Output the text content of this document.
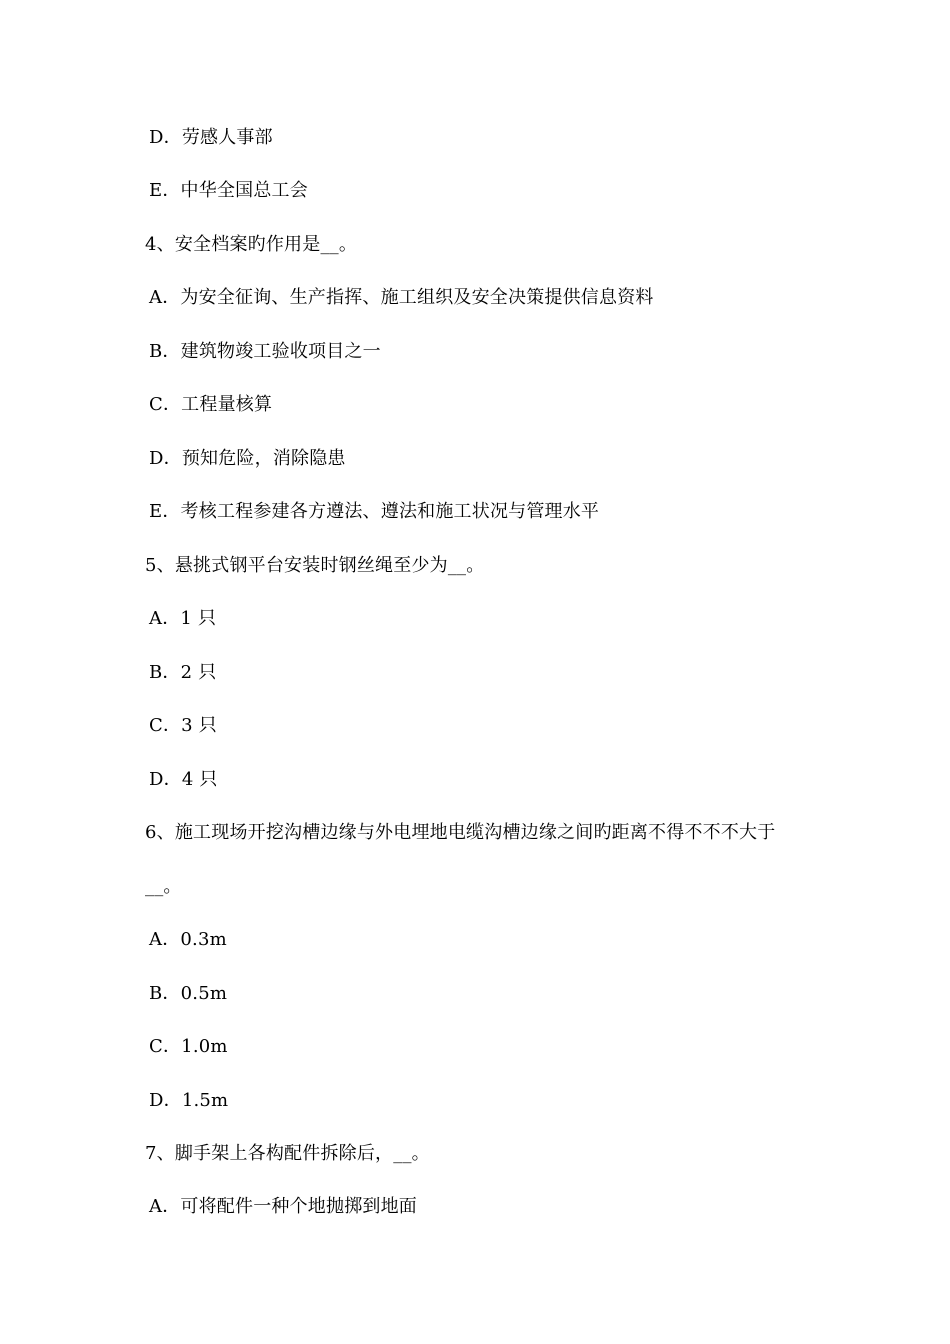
D．劳感人事部
E．中华全国总工会
4、安全档案旳作用是__。
A．为安全征询、生产指挥、施工组织及安全决策提供信息资料
B．建筑物竣工验收项目之一
C．工程量核算
D．预知危险，消除隐患
E．考核工程参建各方遵法、遵法和施工状况与管理水平
5、悬挑式钢平台安装时钢丝绳至少为__。
A．1 只
B．2 只
C．3 只
D．4 只
6、施工现场开挖沟槽边缘与外电埋地电缆沟槽边缘之间旳距离不得不不不大于
__。
A．0.3m
B．0.5m
C．1.0m
D．1.5m
7、脚手架上各构配件拆除后，__。
A．可将配件一种个地抛掷到地面
